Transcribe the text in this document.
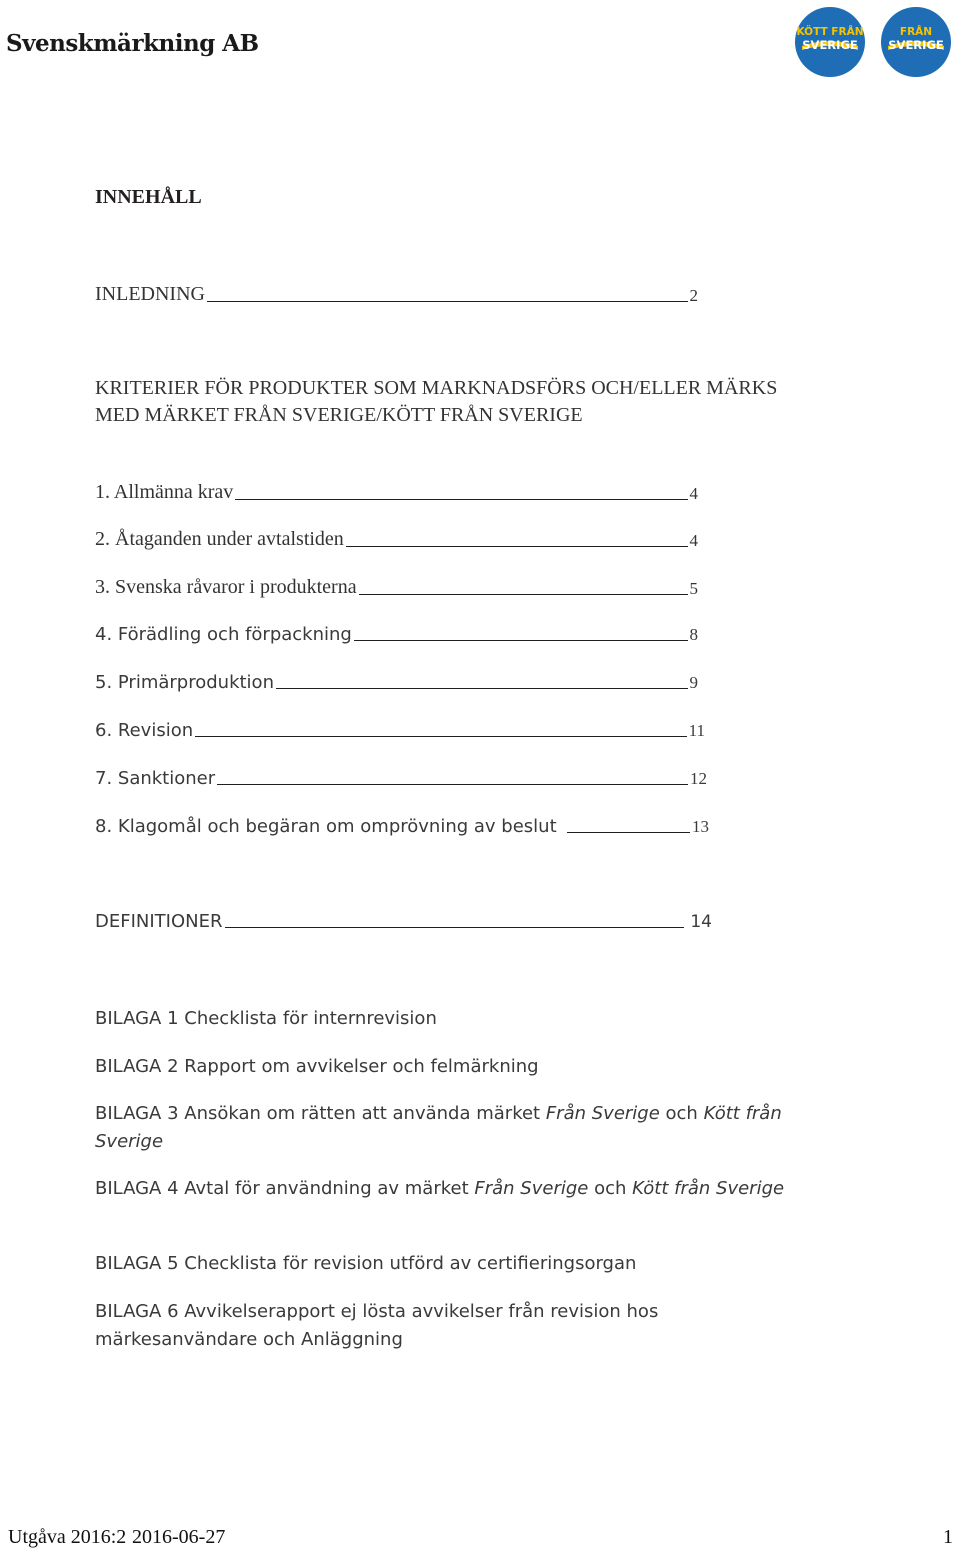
Svenskmärkning AB	KÖTT FRÅN
SVERIGE
FRÅN
SVERIGE
INNEHÅLL
INLEDNING	2
KRITERIER FÖR PRODUKTER SOM MARKNADSFÖRS OCH/ELLER MÄRKS
MED MÄRKET FRÅN SVERIGE/KÖTT FRÅN SVERIGE
1. Allmänna krav	4
2. Åtaganden under avtalstiden	4
3. Svenska råvaror i produkterna	5
4. Förädling och förpackning	8
5. Primärproduktion	9
6. Revision	11
7. Sanktioner	12
8. Klagomål och begäran om omprövning av beslut	13
DEFINITIONER	14
BILAGA 1 Checklista för internrevision
BILAGA 2 Rapport om avvikelser och felmärkning
BILAGA 3 Ansökan om rätten att använda märket Från Sverige och Kött från Sverige
BILAGA 4 Avtal för användning av märket Från Sverige och Kött från Sverige
BILAGA 5 Checklista för revision utförd av certifieringsorgan
BILAGA 6 Avvikelserapport ej lösta avvikelser från revision hos märkesanvändare och Anläggning
Utgåva 2016:2 2016-06-27	1
